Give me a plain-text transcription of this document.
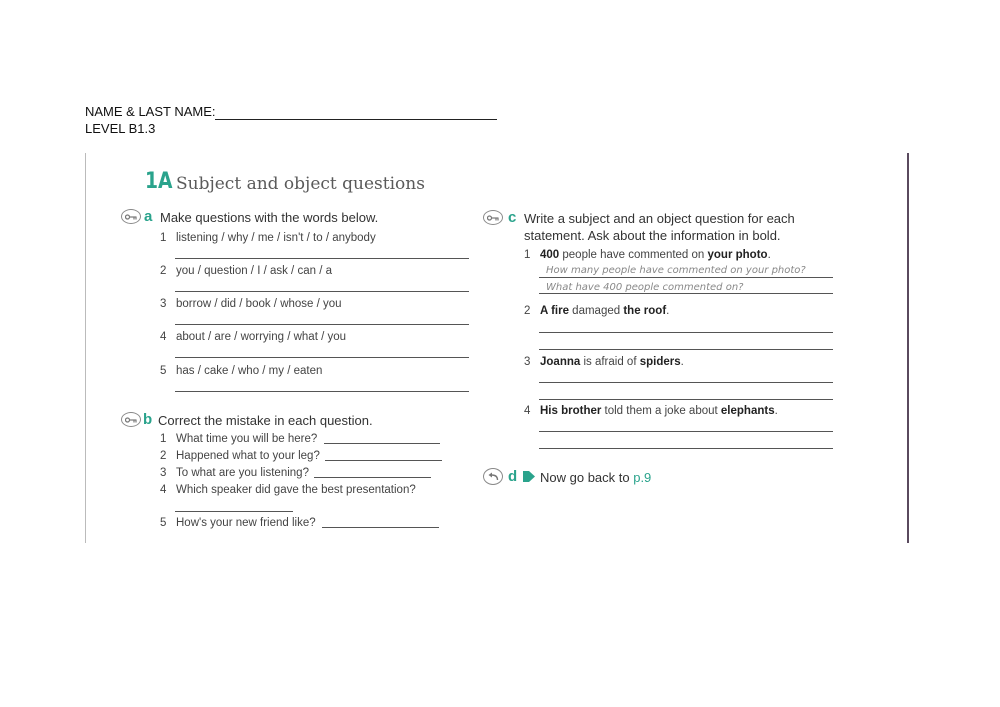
NAME & LAST NAME:
LEVEL B1.3
1A Subject and object questions
a Make questions with the words below.
1 listening / why / me / isn't / to / anybody
2 you / question / I / ask / can / a
3 borrow / did / book / whose / you
4 about / are / worrying / what / you
5 has / cake / who / my / eaten
b Correct the mistake in each question.
1 What time you will be here?
2 Happened what to your leg?
3 To what are you listening?
4 Which speaker did gave the best presentation?
5 How's your new friend like?
c Write a subject and an object question for each
statement. Ask about the information in bold.
1 400 people have commented on your photo.
How many people have commented on your photo?
What have 400 people commented on?
2 A fire damaged the roof.
3 Joanna is afraid of spiders.
4 His brother told them a joke about elephants.
d Now go back to p.9
